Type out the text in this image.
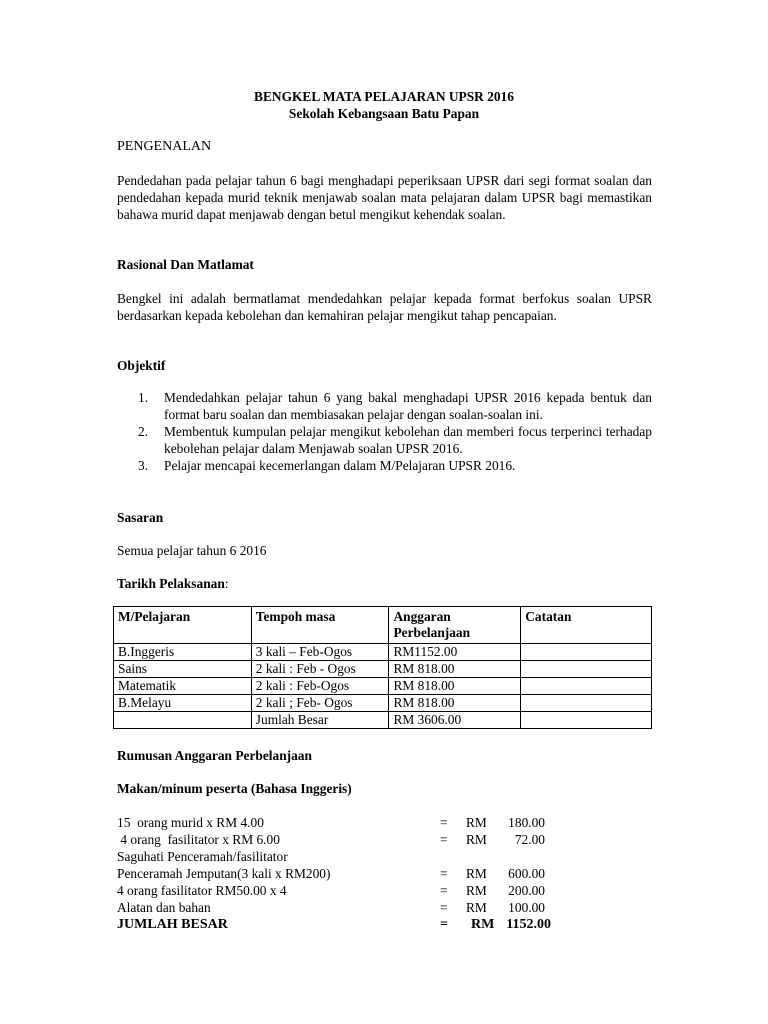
BENGKEL MATA PELAJARAN UPSR 2016
Sekolah Kebangsaan Batu Papan
PENGENALAN
Pendedahan pada pelajar tahun 6 bagi menghadapi peperiksaan UPSR dari segi format soalan dan pendedahan kepada murid teknik menjawab soalan mata pelajaran dalam UPSR bagi memastikan bahawa murid dapat menjawab dengan betul mengikut kehendak soalan.
Rasional Dan Matlamat
Bengkel ini adalah bermatlamat mendedahkan pelajar kepada format berfokus soalan UPSR berdasarkan kepada kebolehan dan kemahiran pelajar mengikut tahap pencapaian.
Objektif
1. Mendedahkan pelajar tahun 6 yang bakal menghadapi UPSR 2016 kepada bentuk dan format baru soalan dan membiasakan pelajar dengan soalan-soalan ini.
2. Membentuk kumpulan pelajar mengikut kebolehan dan memberi focus terperinci terhadap kebolehan pelajar dalam Menjawab soalan UPSR 2016.
3. Pelajar mencapai kecemerlangan dalam M/Pelajaran UPSR 2016.
Sasaran
Semua pelajar tahun 6 2016
Tarikh Pelaksanan:
M/Pelajaran	Tempoh masa	Anggaran Perbelanjaan	Catatan
B.Inggeris	3 kali – Feb-Ogos	RM1152.00	
Sains	2 kali : Feb - Ogos	RM 818.00	
Matematik	2 kali : Feb-Ogos	RM 818.00	
B.Melayu	2 kali ; Feb- Ogos	RM 818.00	
	Jumlah Besar	RM 3606.00	
Rumusan Anggaran Perbelanjaan
Makan/minum peserta (Bahasa Inggeris)
15  orang murid x RM 4.00	= RM	180.00
4 orang  fasilitator x RM 6.00	= RM	72.00
Saguhati Penceramah/fasilitator
Penceramah Jemputan(3 kali x RM200)	= RM	600.00
4 orang fasilitator RM50.00 x 4	= RM	200.00
Alatan dan bahan	= RM	100.00
JUMLAH BESAR	= RM 1152.00
